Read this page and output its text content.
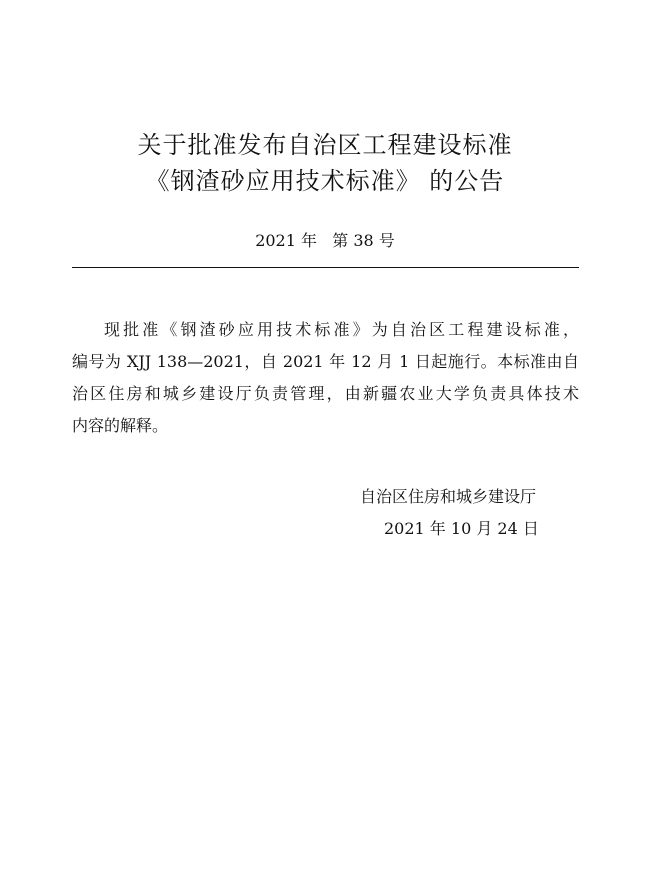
关于批准发布自治区工程建设标准
《钢渣砂应用技术标准》 的公告
2021 年   第 38 号
现批准《钢渣砂应用技术标准》为自治区工程建设标准，
编号为 XJJ 138—2021，自 2021 年 12 月 1 日起施行。本标准由自
治区住房和城乡建设厅负责管理，由新疆农业大学负责具体技术
内容的解释。
自治区住房和城乡建设厅
2021 年 10 月 24 日
